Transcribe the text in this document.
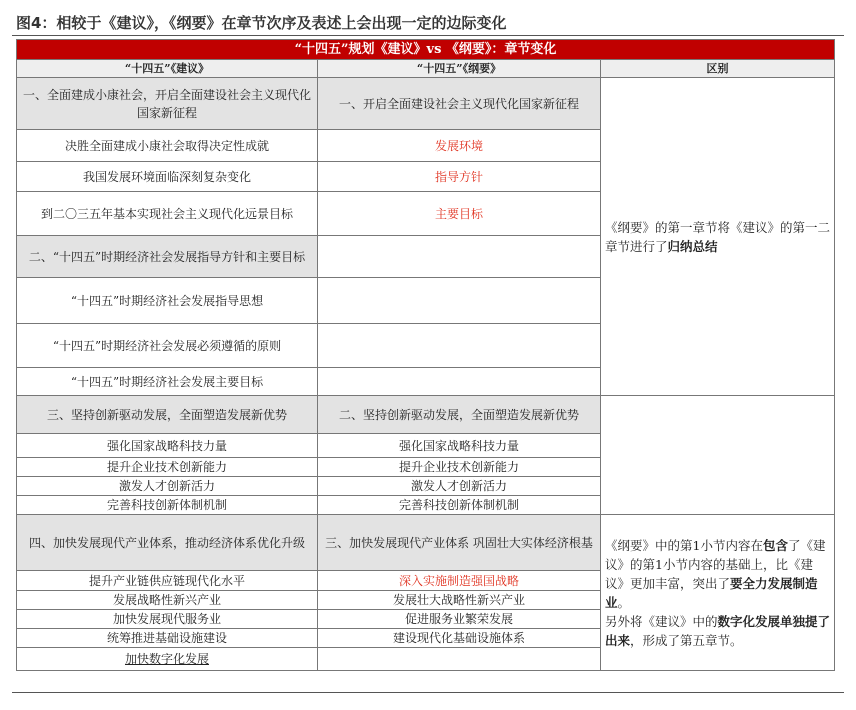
图4：相较于《建议》，《纲要》在章节次序及表述上会出现一定的边际变化
“十四五”规划《建议》vs 《纲要》：章节变化		
“十四五”《建议》	“十四五”《纲要》	区别
一、全面建成小康社会，开启全面建设社会主义现代化国家新征程	一、开启全面建设社会主义现代化国家新征程	《纲要》的第一章节将《建议》的第一二章节进行了归纳总结
决胜全面建成小康社会取得决定性成就	发展环境	
我国发展环境面临深刻复杂变化	指导方针	
到二〇三五年基本实现社会主义现代化远景目标	主要目标	
二、“十四五”时期经济社会发展指导方针和主要目标		
“十四五”时期经济社会发展指导思想		
“十四五”时期经济社会发展必须遵循的原则		
“十四五”时期经济社会发展主要目标		
三、坚持创新驱动发展，全面塑造发展新优势	二、坚持创新驱动发展，全面塑造发展新优势	
强化国家战略科技力量	强化国家战略科技力量	
提升企业技术创新能力	提升企业技术创新能力	
激发人才创新活力	激发人才创新活力	
完善科技创新体制机制	完善科技创新体制机制	
四、加快发展现代产业体系，推动经济体系优化升级	三、加快发展现代产业体系 巩固壮大实体经济根基	《纲要》中的第1小节内容在包含了《建议》的第1小节内容的基础上，比《建议》更加丰富，突出了要全力发展制造业。
另外将《建议》中的数字化发展单独提了出来，形成了第五章节。
提升产业链供应链现代化水平	深入实施制造强国战略	
发展战略性新兴产业	发展壮大战略性新兴产业	
加快发展现代服务业	促进服务业繁荣发展	
统筹推进基础设施建设	建设现代化基础设施体系	
加快数字化发展		
